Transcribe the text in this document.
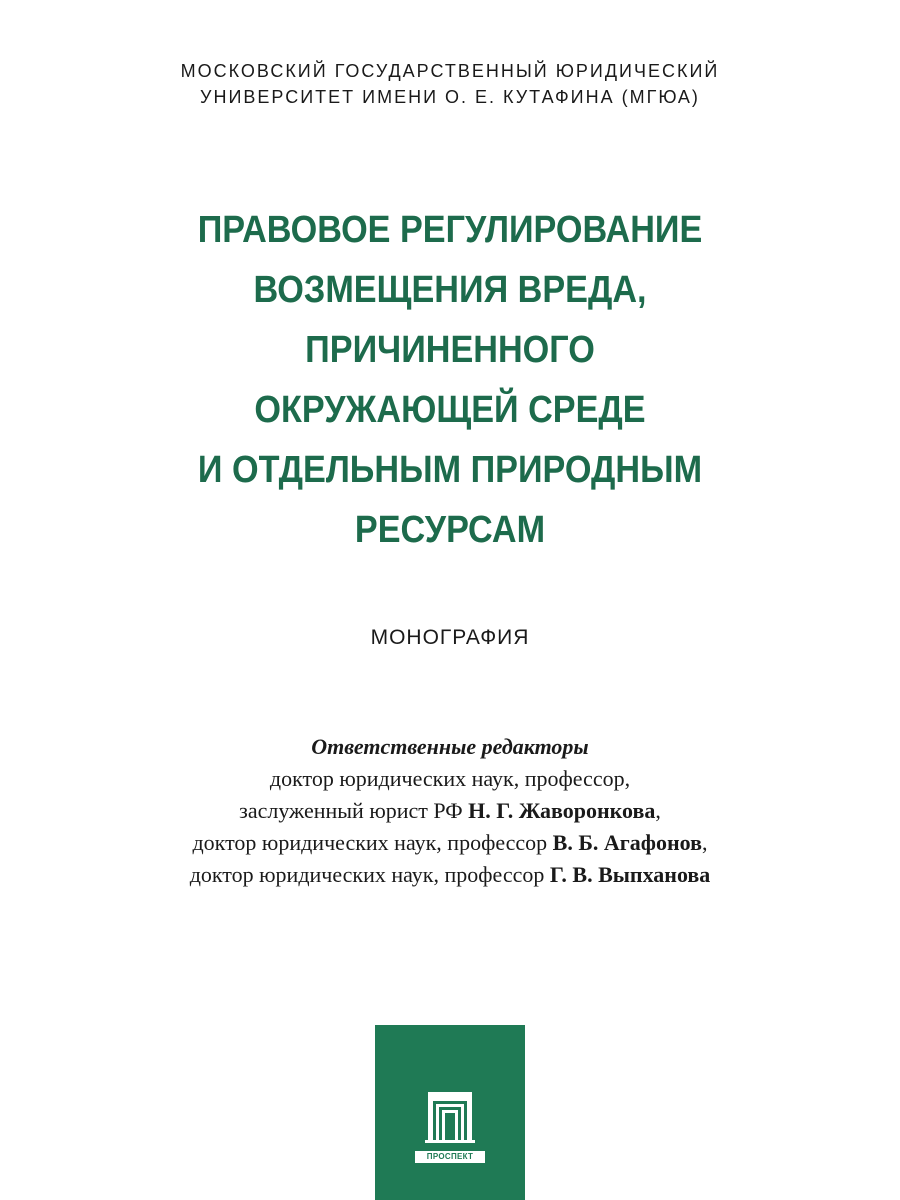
МОСКОВСКИЙ ГОСУДАРСТВЕННЫЙ ЮРИДИЧЕСКИЙ
УНИВЕРСИТЕТ ИМЕНИ О. Е. КУТАФИНА (МГЮА)
ПРАВОВОЕ РЕГУЛИРОВАНИЕ
ВОЗМЕЩЕНИЯ ВРЕДА,
ПРИЧИНЕННОГО
ОКРУЖАЮЩЕЙ СРЕДЕ
И ОТДЕЛЬНЫМ ПРИРОДНЫМ
РЕСУРСАМ
МОНОГРАФИЯ
Ответственные редакторы
доктор юридических наук, профессор,
заслуженный юрист РФ Н. Г. Жаворонкова,
доктор юридических наук, профессор В. Б. Агафонов,
доктор юридических наук, профессор Г. В. Выпханова
ПРОСПЕКТ
